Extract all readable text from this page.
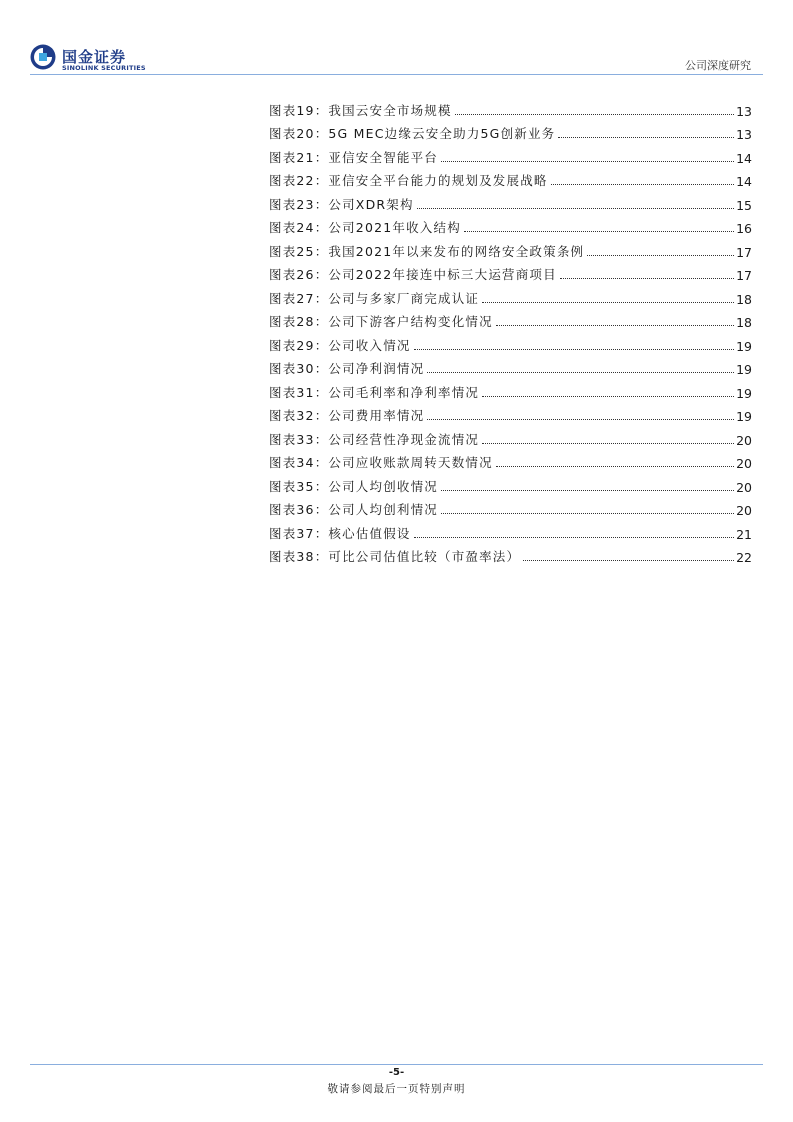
国金证券
SINOLINK SECURITIES	公司深度研究
图表19：我国云安全市场规模	13
图表20：5G MEC边缘云安全助力5G创新业务	13
图表21：亚信安全智能平台	14
图表22：亚信安全平台能力的规划及发展战略	14
图表23：公司XDR架构	15
图表24：公司2021年收入结构	16
图表25：我国2021年以来发布的网络安全政策条例	17
图表26：公司2022年接连中标三大运营商项目	17
图表27：公司与多家厂商完成认证	18
图表28：公司下游客户结构变化情况	18
图表29：公司收入情况	19
图表30：公司净利润情况	19
图表31：公司毛利率和净利率情况	19
图表32：公司费用率情况	19
图表33：公司经营性净现金流情况	20
图表34：公司应收账款周转天数情况	20
图表35：公司人均创收情况	20
图表36：公司人均创利情况	20
图表37：核心估值假设	21
图表38：可比公司估值比较（市盈率法）	22
-5-
敬请参阅最后一页特别声明
